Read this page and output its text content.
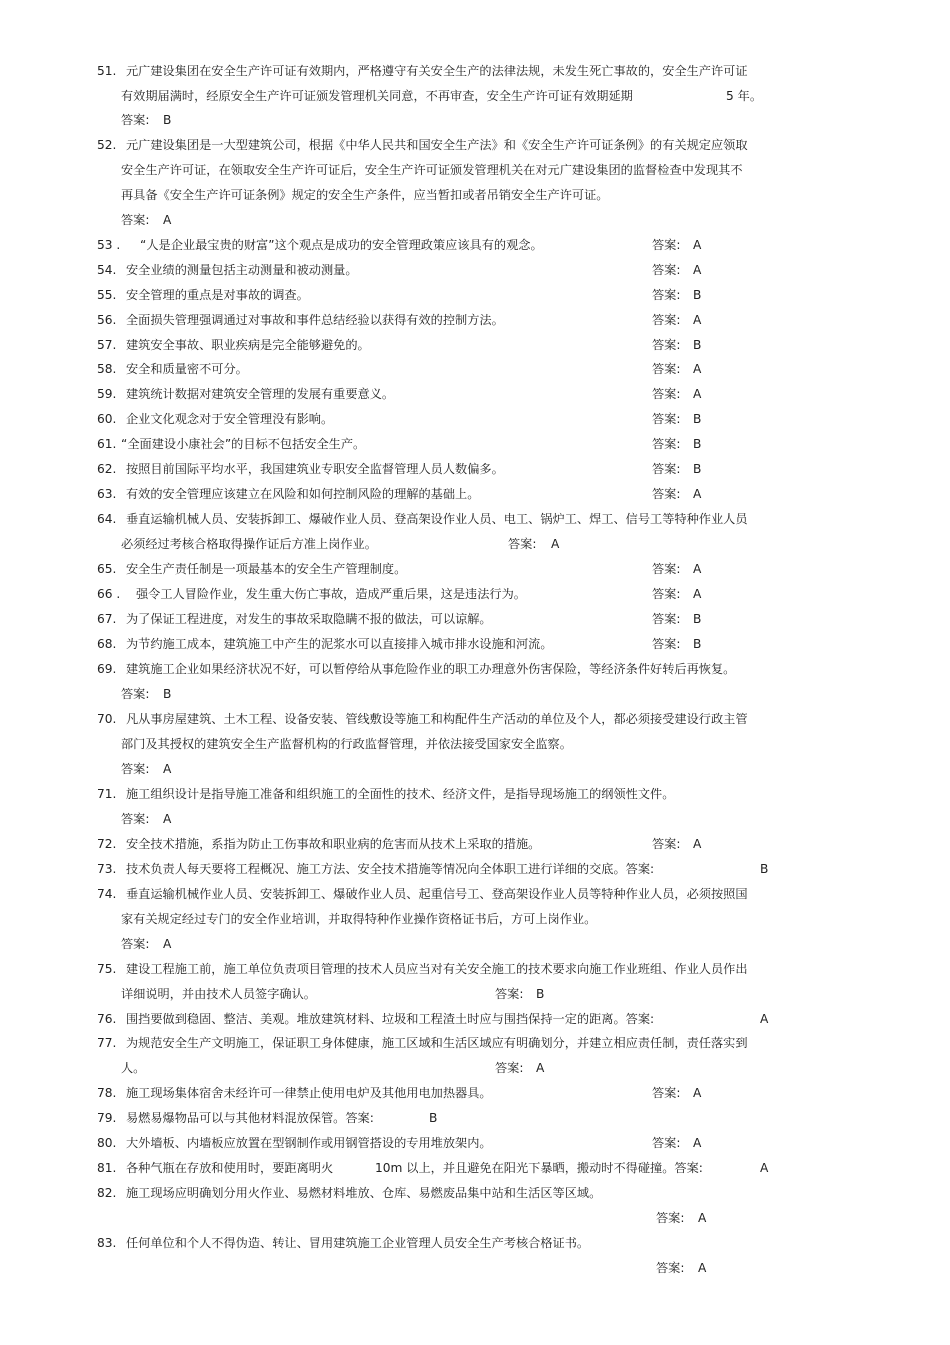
51. 元广建设集团在安全生产许可证有效期内，严格遵守有关安全生产的法律法规，未发生死亡事故的，安全生产许可证
有效期届满时，经原安全生产许可证颁发管理机关同意，不再审查，安全生产许可证有效期延期	5 年。
答案: B
52. 元广建设集团是一大型建筑公司，根据《中华人民共和国安全生产法》和《安全生产许可证条例》的有关规定应领取
安全生产许可证，在领取安全生产许可证后，安全生产许可证颁发管理机关在对元广建设集团的监督检查中发现其不
再具备《安全生产许可证条例》规定的安全生产条件，应当暂扣或者吊销安全生产许可证。
答案: A
53 . “人是企业最宝贵的财富”这个观点是成功的安全管理政策应该具有的观念。	答案: A
54. 安全业绩的测量包括主动测量和被动测量。	答案: A
55. 安全管理的重点是对事故的调查。	答案: B
56. 全面损失管理强调通过对事故和事件总结经验以获得有效的控制方法。	答案: A
57. 建筑安全事故、职业疾病是完全能够避免的。	答案: B
58. 安全和质量密不可分。	答案: A
59. 建筑统计数据对建筑安全管理的发展有重要意义。	答案: A
60. 企业文化观念对于安全管理没有影响。	答案: B
61. “全面建设小康社会”的目标不包括安全生产。	答案: B
62. 按照目前国际平均水平，我国建筑业专职安全监督管理人员人数偏多。	答案: B
63. 有效的安全管理应该建立在风险和如何控制风险的理解的基础上。	答案: A
64. 垂直运输机械人员、安装拆卸工、爆破作业人员、登高架设作业人员、电工、锅炉工、焊工、信号工等特种作业人员
必须经过考核合格取得操作证后方准上岗作业。	答案: A
65. 安全生产责任制是一项最基本的安全生产管理制度。	答案: A
66 . 强令工人冒险作业，发生重大伤亡事故，造成严重后果，这是违法行为。	答案: A
67. 为了保证工程进度，对发生的事故采取隐瞒不报的做法，可以谅解。	答案: B
68. 为节约施工成本，建筑施工中产生的泥浆水可以直接排入城市排水设施和河流。	答案: B
69. 建筑施工企业如果经济状况不好，可以暂停给从事危险作业的职工办理意外伤害保险，等经济条件好转后再恢复。
答案: B
70. 凡从事房屋建筑、土木工程、设备安装、管线敷设等施工和构配件生产活动的单位及个人，都必须接受建设行政主管
部门及其授权的建筑安全生产监督机构的行政监督管理，并依法接受国家安全监察。
答案: A
71. 施工组织设计是指导施工准备和组织施工的全面性的技术、经济文件，是指导现场施工的纲领性文件。
答案: A
72. 安全技术措施，系指为防止工伤事故和职业病的危害而从技术上采取的措施。	答案: A
73. 技术负责人每天要将工程概况、施工方法、安全技术措施等情况向全体职工进行详细的交底。答案:	B
74. 垂直运输机械作业人员、安装拆卸工、爆破作业人员、起重信号工、登高架设作业人员等特种作业人员，必须按照国
家有关规定经过专门的安全作业培训，并取得特种作业操作资格证书后，方可上岗作业。
答案: A
75. 建设工程施工前，施工单位负责项目管理的技术人员应当对有关安全施工的技术要求向施工作业班组、作业人员作出
详细说明，并由技术人员签字确认。	答案: B
76. 围挡要做到稳固、整洁、美观。堆放建筑材料、垃圾和工程渣土时应与围挡保持一定的距离。答案:	A
77. 为规范安全生产文明施工，保证职工身体健康，施工区域和生活区域应有明确划分，并建立相应责任制，责任落实到
人。	答案: A
78. 施工现场集体宿舍未经许可一律禁止使用电炉及其他用电加热器具。	答案: A
79. 易燃易爆物品可以与其他材料混放保管。答案:	B
80. 大外墙板、内墙板应放置在型钢制作或用钢管搭设的专用堆放架内。	答案: A
81. 各种气瓶在存放和使用时，要距离明火	10m 以上，并且避免在阳光下暴晒，搬动时不得碰撞。答案:	A
82. 施工现场应明确划分用火作业、易燃材料堆放、仓库、易燃废品集中站和生活区等区域。
答案: A
83. 任何单位和个人不得伪造、转让、冒用建筑施工企业管理人员安全生产考核合格证书。
答案: A
